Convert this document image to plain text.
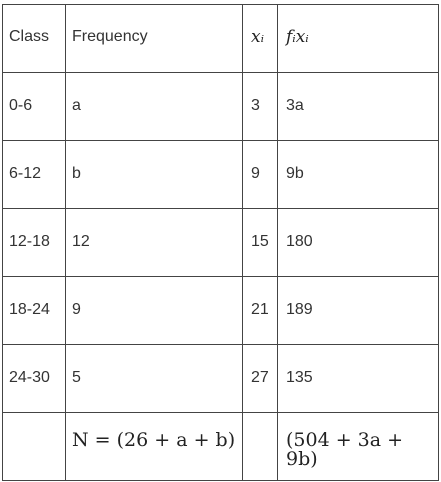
Class	Frequency	xᵢ	fᵢxᵢ
0-6	a	3	3a
6-12	b	9	9b
12-18	12	15	180
18-24	9	21	189
24-30	5	27	135
	N = (26 + a + b)		(504 + 3a + 9b)
